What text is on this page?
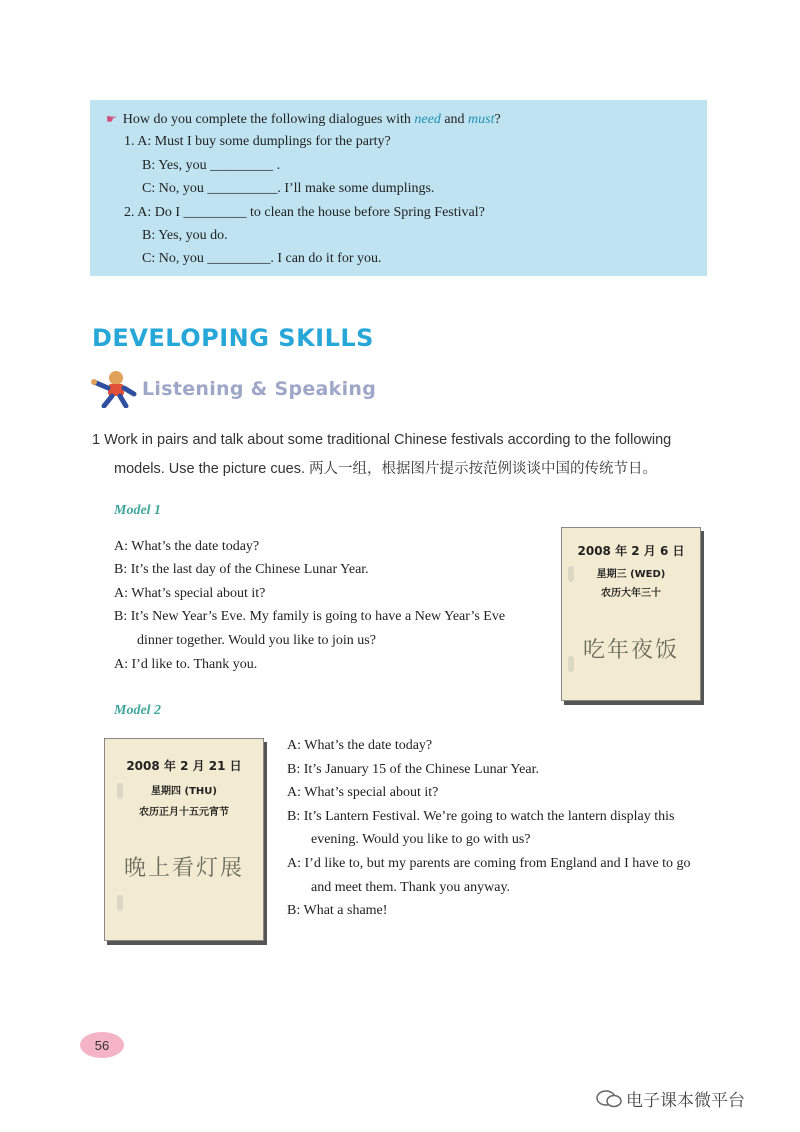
☛ How do you complete the following dialogues with need and must?
1. A: Must I buy some dumplings for the party?
B: Yes, you _________ .
C: No, you __________. I’ll make some dumplings.
2. A: Do I _________ to clean the house before Spring Festival?
B: Yes, you do.
C: No, you _________. I can do it for you.
DEVELOPING SKILLS
Listening & Speaking
1 Work in pairs and talk about some traditional Chinese festivals according to the following
models. Use the picture cues. 两人一组，根据图片提示按范例谈谈中国的传统节日。
Model 1
A: What’s the date today?
B: It’s the last day of the Chinese Lunar Year.
A: What’s special about it?
B: It’s New Year’s Eve. My family is going to have a New Year’s Eve
dinner together. Would you like to join us?
A: I’d like to. Thank you.
2008 年 2 月 6 日
星期三 (WED)
农历大年三十
吃年夜饭
Model 2
2008 年 2 月 21 日
星期四 (THU)
农历正月十五元宵节
晚上看灯展
A: What’s the date today?
B: It’s January 15 of the Chinese Lunar Year.
A: What’s special about it?
B: It’s Lantern Festival. We’re going to watch the lantern display this
evening. Would you like to go with us?
A: I’d like to, but my parents are coming from England and I have to go
and meet them. Thank you anyway.
B: What a shame!
56
电子课本微平台
